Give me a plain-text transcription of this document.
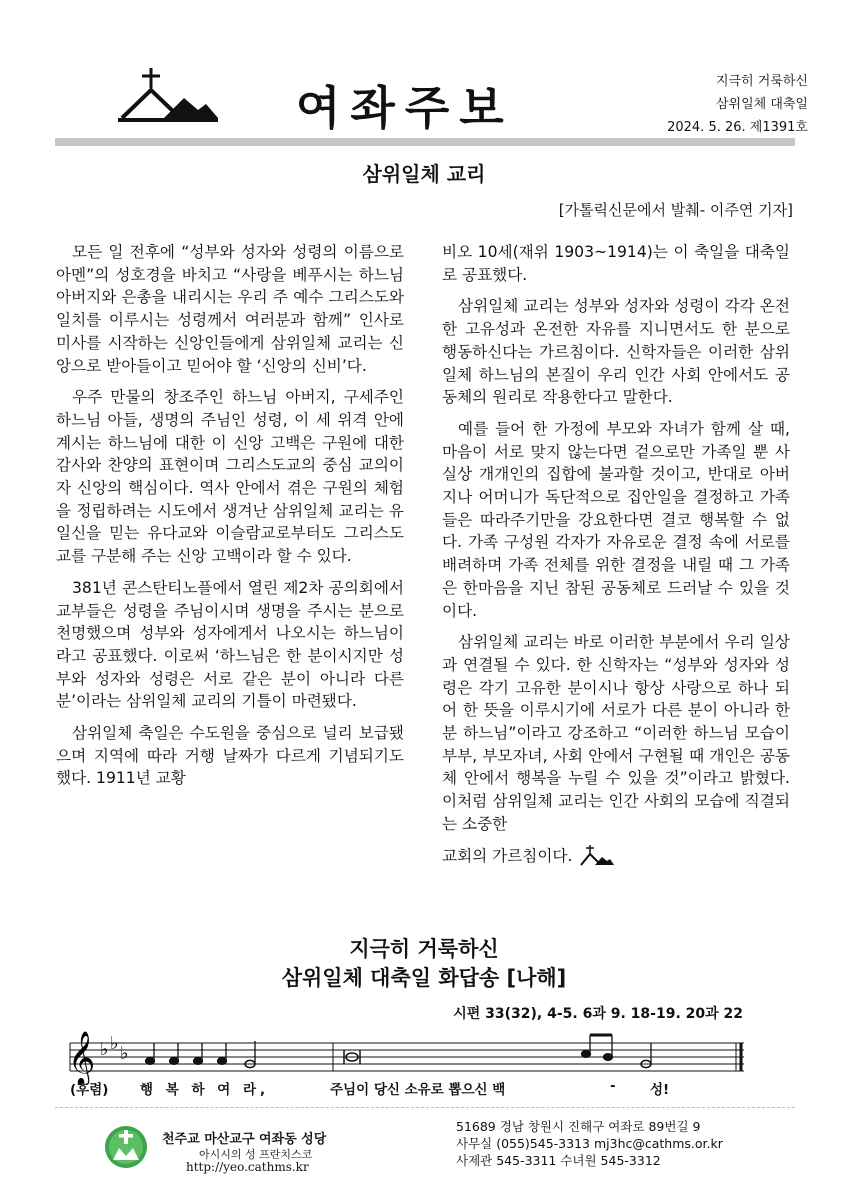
여좌주보	지극히 거룩하신
삼위일체 대축일
2024. 5. 26. 제1391호
삼위일체 교리
[가톨릭신문에서 발췌- 이주연 기자]

모든 일 전후에 “성부와 성자와 성령의 이름으로 아멘”의 성호경을 바치고 “사랑을 베푸시는 하느님 아버지와 은총을 내리시는 우리 주 예수 그리스도와 일치를 이루시는 성령께서 여러분과 함께” 인사로 미사를 시작하는 신앙인들에게 삼위일체 교리는 신앙으로 받아들이고 믿어야 할 ‘신앙의 신비’다.

우주 만물의 창조주인 하느님 아버지, 구세주인 하느님 아들, 생명의 주님인 성령, 이 세 위격 안에 계시는 하느님에 대한 이 신앙 고백은 구원에 대한 감사와 찬양의 표현이며 그리스도교의 중심 교의이자 신앙의 핵심이다. 역사 안에서 겪은 구원의 체험을 정립하려는 시도에서 생겨난 삼위일체 교리는 유일신을 믿는 유다교와 이슬람교로부터도 그리스도교를 구분해 주는 신앙 고백이라 할 수 있다.

381년 콘스탄티노플에서 열린 제2차 공의회에서 교부들은 성령을 주님이시며 생명을 주시는 분으로 천명했으며 성부와 성자에게서 나오시는 하느님이라고 공표했다. 이로써 ‘하느님은 한 분이시지만 성부와 성자와 성령은 서로 같은 분이 아니라 다른 분’이라는 삼위일체 교리의 기틀이 마련됐다.

삼위일체 축일은 수도원을 중심으로 널리 보급됐으며 지역에 따라 거행 날짜가 다르게 기념되기도 했다. 1911년 교황

비오 10세(재위 1903~1914)는 이 축일을 대축일로 공표했다.

삼위일체 교리는 성부와 성자와 성령이 각각 온전한 고유성과 온전한 자유를 지니면서도 한 분으로 행동하신다는 가르침이다. 신학자들은 이러한 삼위일체 하느님의 본질이 우리 인간 사회 안에서도 공동체의 원리로 작용한다고 말한다.

예를 들어 한 가정에 부모와 자녀가 함께 살 때, 마음이 서로 맞지 않는다면 겉으로만 가족일 뿐 사실상 개개인의 집합에 불과할 것이고, 반대로 아버지나 어머니가 독단적으로 집안일을 결정하고 가족들은 따라주기만을 강요한다면 결코 행복할 수 없다. 가족 구성원 각자가 자유로운 결정 속에 서로를 배려하며 가족 전체를 위한 결정을 내릴 때 그 가족은 한마음을 지닌 참된 공동체로 드러날 수 있을 것이다.

삼위일체 교리는 바로 이러한 부분에서 우리 일상과 연결될 수 있다. 한 신학자는 “성부와 성자와 성령은 각기 고유한 분이시나 항상 사랑으로 하나 되어 한 뜻을 이루시기에 서로가 다른 분이 아니라 한 분 하느님”이라고 강조하고 “이러한 하느님 모습이 부부, 부모자녀, 사회 안에서 구현될 때 개인은 공동체 안에서 행복을 누릴 수 있을 것”이라고 밝혔다. 이처럼 삼위일체 교리는 인간 사회의 모습에 직결되는 소중한

교회의 가르침이다.

지극히 거룩하신
삼위일체 대축일 화답송 [나해]
시편 33(32), 4-5. 6과 9. 18-19. 20과 22
𝄞 ♭ ♭ ♭
(후렴) 행 복 하 여 라,	주님이 당신 소유로 뽑으신 백	-	성!
천주교 마산교구 여좌동 성당
아시시의 성 프란치스코
http://yeo.cathms.kr
51689 경남 창원시 진해구 여좌로 89번길 9
사무실 (055)545-3313 mj3hc@cathms.or.kr
사제관 545-3311 수녀원 545-3312
